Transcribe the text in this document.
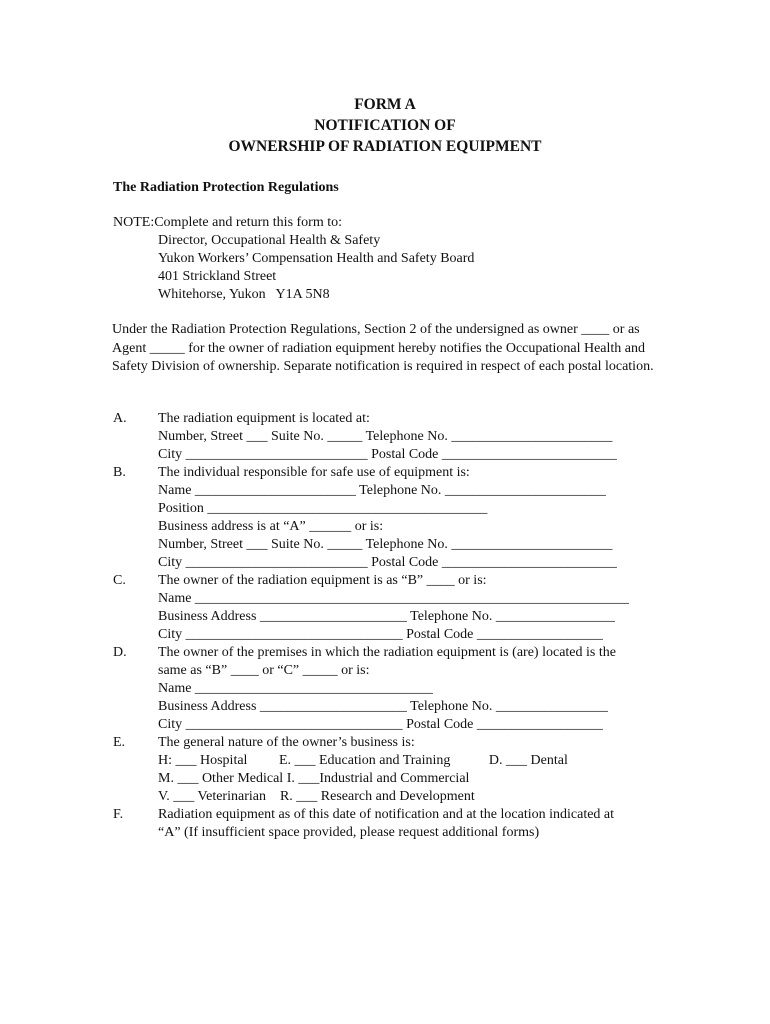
FORM A
NOTIFICATION OF
OWNERSHIP OF RADIATION EQUIPMENT
The Radiation Protection Regulations
NOTE:Complete and return this form to:
Director, Occupational Health & Safety
Yukon Workers’ Compensation Health and Safety Board
401 Strickland Street
Whitehorse, Yukon   Y1A 5N8
Under the Radiation Protection Regulations, Section 2 of the undersigned as owner ____ or as Agent _____ for the owner of radiation equipment hereby notifies the Occupational Health and Safety Division of ownership. Separate notification is required in respect of each postal location.
A. The radiation equipment is located at:
Number, Street ___ Suite No. _____ Telephone No. _______________________
City __________________________ Postal Code _________________________
B. The individual responsible for safe use of equipment is:
Name _______________________ Telephone No. _______________________
Position ________________________________________
Business address is at “A” ______ or is:
Number, Street ___ Suite No. _____ Telephone No. _______________________
City __________________________ Postal Code _________________________
C. The owner of the radiation equipment is as “B” ____ or is:
Name ______________________________________________________________
Business Address _____________________ Telephone No. _________________
City _______________________________ Postal Code __________________
D. The owner of the premises in which the radiation equipment is (are) located is the
same as “B” ____ or “C” _____ or is:
Name __________________________________
Business Address _____________________ Telephone No. ________________
City _______________________________ Postal Code __________________
E. The general nature of the owner’s business is:
H: ___ Hospital         E. ___ Education and Training           D. ___ Dental
M. ___ Other Medical I. ___Industrial and Commercial
V. ___ Veterinarian    R. ___ Research and Development
F. Radiation equipment as of this date of notification and at the location indicated at
“A” (If insufficient space provided, please request additional forms)
